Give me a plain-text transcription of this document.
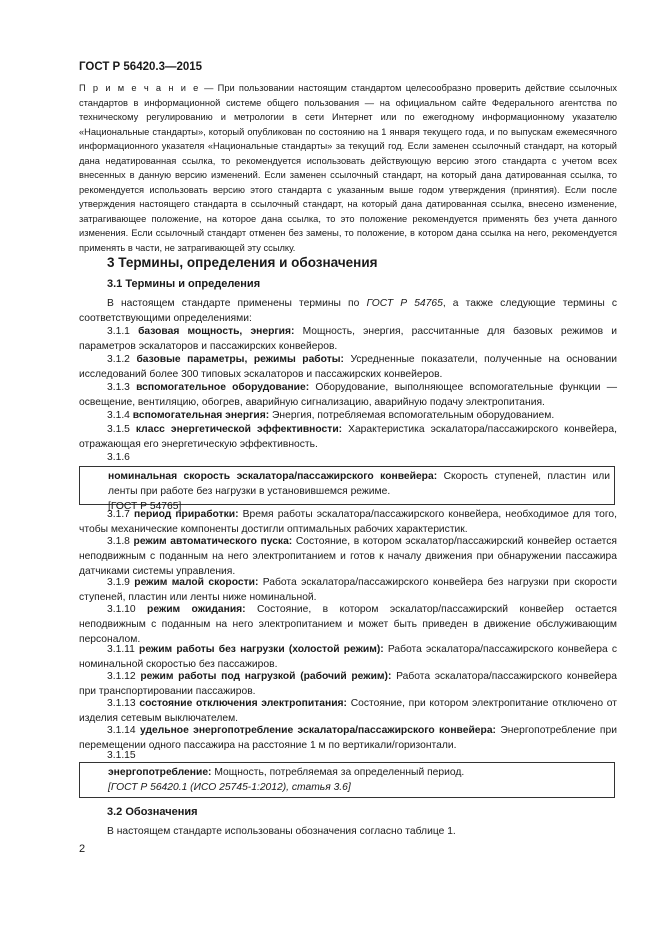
ГОСТ Р 56420.3—2015
П р и м е ч а н и е — При пользовании настоящим стандартом целесообразно проверить действие ссылочных стандартов в информационной системе общего пользования — на официальном сайте Федерального агентства по техническому регулированию и метрологии в сети Интернет или по ежегодному информационному указателю «Национальные стандарты», который опубликован по состоянию на 1 января текущего года, и по выпускам ежемесячного информационного указателя «Национальные стандарты» за текущий год. Если заменен ссылочный стандарт, на который дана недатированная ссылка, то рекомендуется использовать действующую версию этого стандарта с учетом всех внесенных в данную версию изменений. Если заменен ссылочный стандарт, на который дана датированная ссылка, то рекомендуется использовать версию этого стандарта с указанным выше годом утверждения (принятия). Если после утверждения настоящего стандарта в ссылочный стандарт, на который дана датированная ссылка, внесено изменение, затрагивающее положение, на которое дана ссылка, то это положение рекомендуется применять без учета данного изменения. Если ссылочный стандарт отменен без замены, то положение, в котором дана ссылка на него, рекомендуется применять в части, не затрагивающей эту ссылку.
3 Термины, определения и обозначения
3.1 Термины и определения
В настоящем стандарте применены термины по ГОСТ Р 54765, а также следующие термины с соответствующими определениями:
3.1.1 базовая мощность, энергия: Мощность, энергия, рассчитанные для базовых режимов и параметров эскалаторов и пассажирских конвейеров.
3.1.2 базовые параметры, режимы работы: Усредненные показатели, полученные на основании исследований более 300 типовых эскалаторов и пассажирских конвейеров.
3.1.3 вспомогательное оборудование: Оборудование, выполняющее вспомогательные функции — освещение, вентиляцию, обогрев, аварийную сигнализацию, аварийную подачу электропитания.
3.1.4 вспомогательная энергия: Энергия, потребляемая вспомогательным оборудованием.
3.1.5 класс энергетической эффективности: Характеристика эскалатора/пассажирского конвейера, отражающая его энергетическую эффективность.
3.1.6
номинальная скорость эскалатора/пассажирского конвейера: Скорость ступеней, пластин или ленты при работе без нагрузки в установившемся режиме.
[ГОСТ Р 54765]
3.1.7 период приработки: Время работы эскалатора/пассажирского конвейера, необходимое для того, чтобы механические компоненты достигли оптимальных рабочих характеристик.
3.1.8 режим автоматического пуска: Состояние, в котором эскалатор/пассажирский конвейер остается неподвижным с поданным на него электропитанием и готов к началу движения при обнаружении пассажира датчиками системы управления.
3.1.9 режим малой скорости: Работа эскалатора/пассажирского конвейера без нагрузки при скорости ступеней, пластин или ленты ниже номинальной.
3.1.10 режим ожидания: Состояние, в котором эскалатор/пассажирский конвейер остается неподвижным с поданным на него электропитанием и может быть приведен в движение обслуживающим персоналом.
3.1.11 режим работы без нагрузки (холостой режим): Работа эскалатора/пассажирского конвейера с номинальной скоростью без пассажиров.
3.1.12 режим работы под нагрузкой (рабочий режим): Работа эскалатора/пассажирского конвейера при транспортировании пассажиров.
3.1.13 состояние отключения электропитания: Состояние, при котором электропитание отключено от изделия сетевым выключателем.
3.1.14 удельное энергопотребление эскалатора/пассажирского конвейера: Энергопотребление при перемещении одного пассажира на расстояние 1 м по вертикали/горизонтали.
3.1.15
энергопотребление: Мощность, потребляемая за определенный период.
[ГОСТ Р 56420.1 (ИСО 25745-1:2012), статья 3.6]
3.2 Обозначения
В настоящем стандарте использованы обозначения согласно таблице 1.
2
